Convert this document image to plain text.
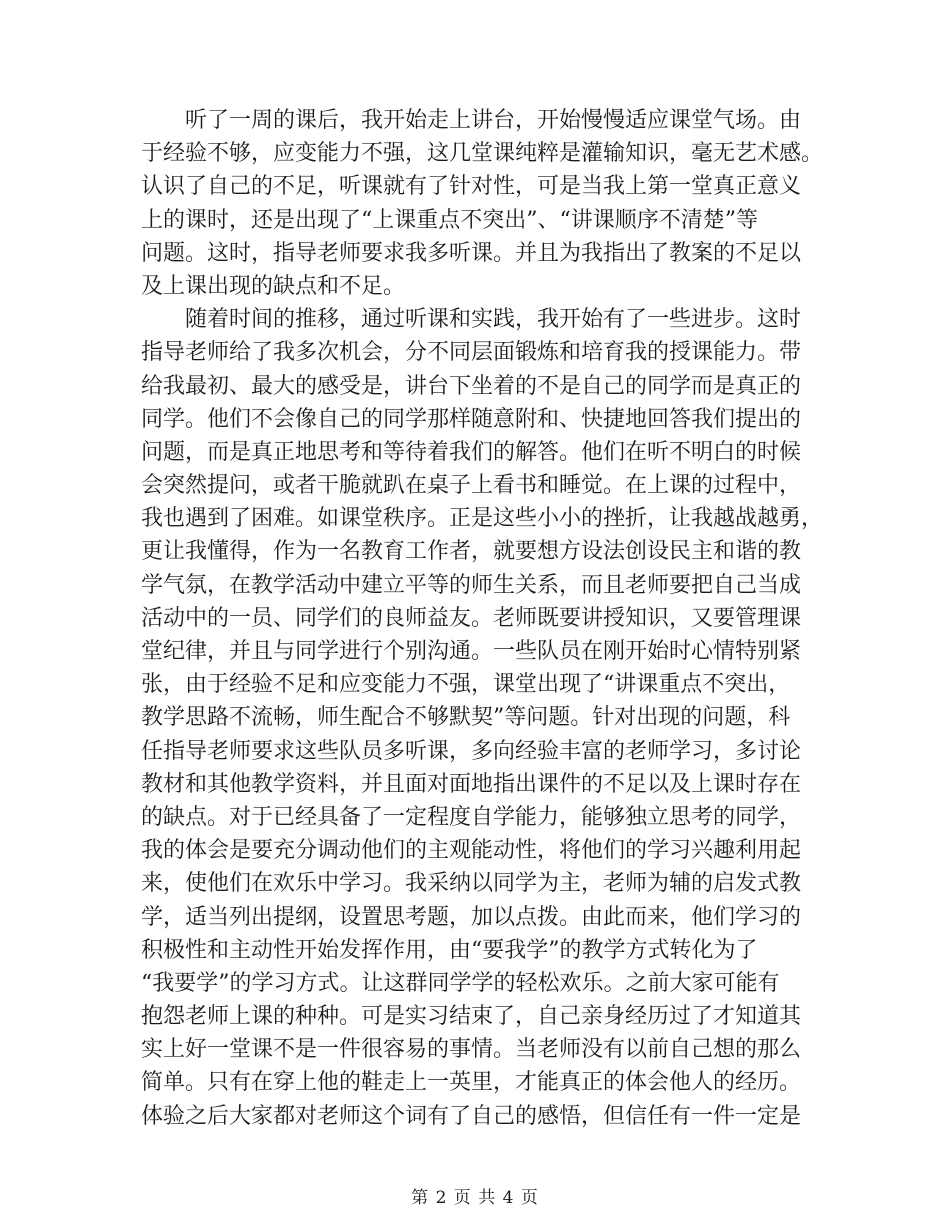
听了一周的课后，我开始走上讲台，开始慢慢适应课堂气场。由
于经验不够，应变能力不强，这几堂课纯粹是灌输知识，毫无艺术感。
认识了自己的不足，听课就有了针对性，可是当我上第一堂真正意义
上的课时，还是出现了“上课重点不突出”、“讲课顺序不清楚”等
问题。这时，指导老师要求我多听课。并且为我指出了教案的不足以
及上课出现的缺点和不足。
随着时间的推移，通过听课和实践，我开始有了一些进步。这时
指导老师给了我多次机会，分不同层面锻炼和培育我的授课能力。带
给我最初、最大的感受是，讲台下坐着的不是自己的同学而是真正的
同学。他们不会像自己的同学那样随意附和、快捷地回答我们提出的
问题，而是真正地思考和等待着我们的解答。他们在听不明白的时候
会突然提问，或者干脆就趴在桌子上看书和睡觉。在上课的过程中，
我也遇到了困难。如课堂秩序。正是这些小小的挫折，让我越战越勇，
更让我懂得，作为一名教育工作者，就要想方设法创设民主和谐的教
学气氛，在教学活动中建立平等的师生关系，而且老师要把自己当成
活动中的一员、同学们的良师益友。老师既要讲授知识，又要管理课
堂纪律，并且与同学进行个别沟通。一些队员在刚开始时心情特别紧
张，由于经验不足和应变能力不强，课堂出现了“讲课重点不突出，
教学思路不流畅，师生配合不够默契”等问题。针对出现的问题，科
任指导老师要求这些队员多听课，多向经验丰富的老师学习，多讨论
教材和其他教学资料，并且面对面地指出课件的不足以及上课时存在
的缺点。对于已经具备了一定程度自学能力，能够独立思考的同学，
我的体会是要充分调动他们的主观能动性，将他们的学习兴趣利用起
来，使他们在欢乐中学习。我采纳以同学为主，老师为辅的启发式教
学，适当列出提纲，设置思考题，加以点拨。由此而来，他们学习的
积极性和主动性开始发挥作用，由“要我学”的教学方式转化为了
“我要学”的学习方式。让这群同学学的轻松欢乐。之前大家可能有
抱怨老师上课的种种。可是实习结束了，自己亲身经历过了才知道其
实上好一堂课不是一件很容易的事情。当老师没有以前自己想的那么
简单。只有在穿上他的鞋走上一英里，才能真正的体会他人的经历。
体验之后大家都对老师这个词有了自己的感悟，但信任有一件一定是
第 2 页 共 4 页
